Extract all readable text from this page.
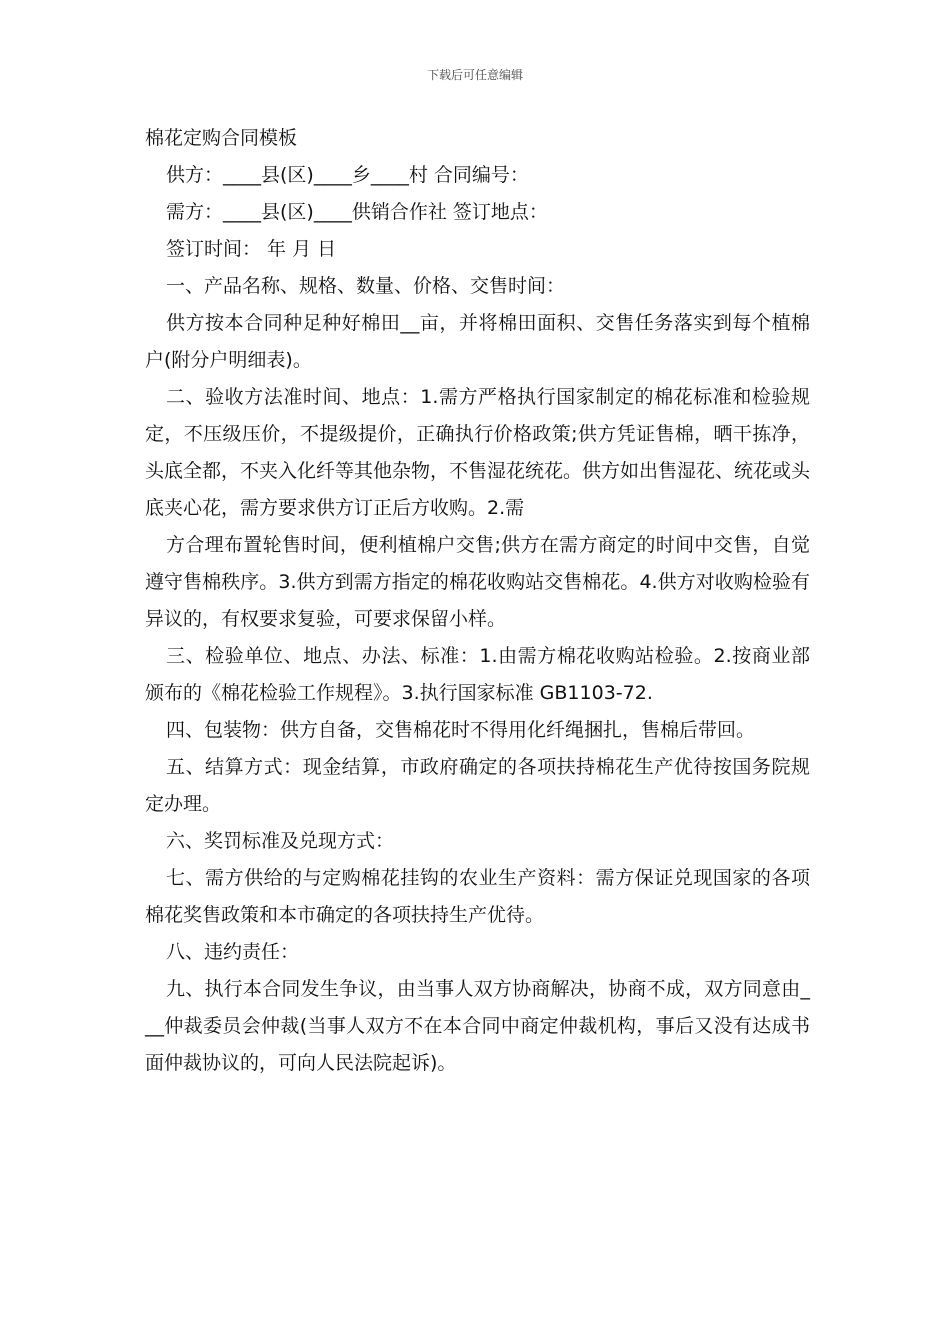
下载后可任意编辑
棉花定购合同模板

供方：____县(区)____乡____村 合同编号：

需方：____县(区)____供销合作社 签订地点：

签订时间： 年 月 日

一、产品名称、规格、数量、价格、交售时间：

供方按本合同种足种好棉田__亩，并将棉田面积、交售任务落实到每个植棉户(附分户明细表)。

二、验收方法准时间、地点：1.需方严格执行国家制定的棉花标准和检验规定，不压级压价，不提级提价，正确执行价格政策;供方凭证售棉，晒干拣净，头底全都，不夹入化纤等其他杂物，不售湿花统花。供方如出售湿花、统花或头底夹心花，需方要求供方订正后方收购。2.需

方合理布置轮售时间，便利植棉户交售;供方在需方商定的时间中交售，自觉遵守售棉秩序。3.供方到需方指定的棉花收购站交售棉花。4.供方对收购检验有异议的，有权要求复验，可要求保留小样。

三、检验单位、地点、办法、标准：1.由需方棉花收购站检验。2.按商业部颁布的《棉花检验工作规程》。3.执行国家标准 GB1103-72.

四、包装物：供方自备，交售棉花时不得用化纤绳捆扎，售棉后带回。

五、结算方式：现金结算，市政府确定的各项扶持棉花生产优待按国务院规定办理。

六、奖罚标准及兑现方式：

七、需方供给的与定购棉花挂钩的农业生产资料：需方保证兑现国家的各项棉花奖售政策和本市确定的各项扶持生产优待。

八、违约责任：

九、执行本合同发生争议，由当事人双方协商解决，协商不成，双方同意由___仲裁委员会仲裁(当事人双方不在本合同中商定仲裁机构，事后又没有达成书面仲裁协议的，可向人民法院起诉)。
